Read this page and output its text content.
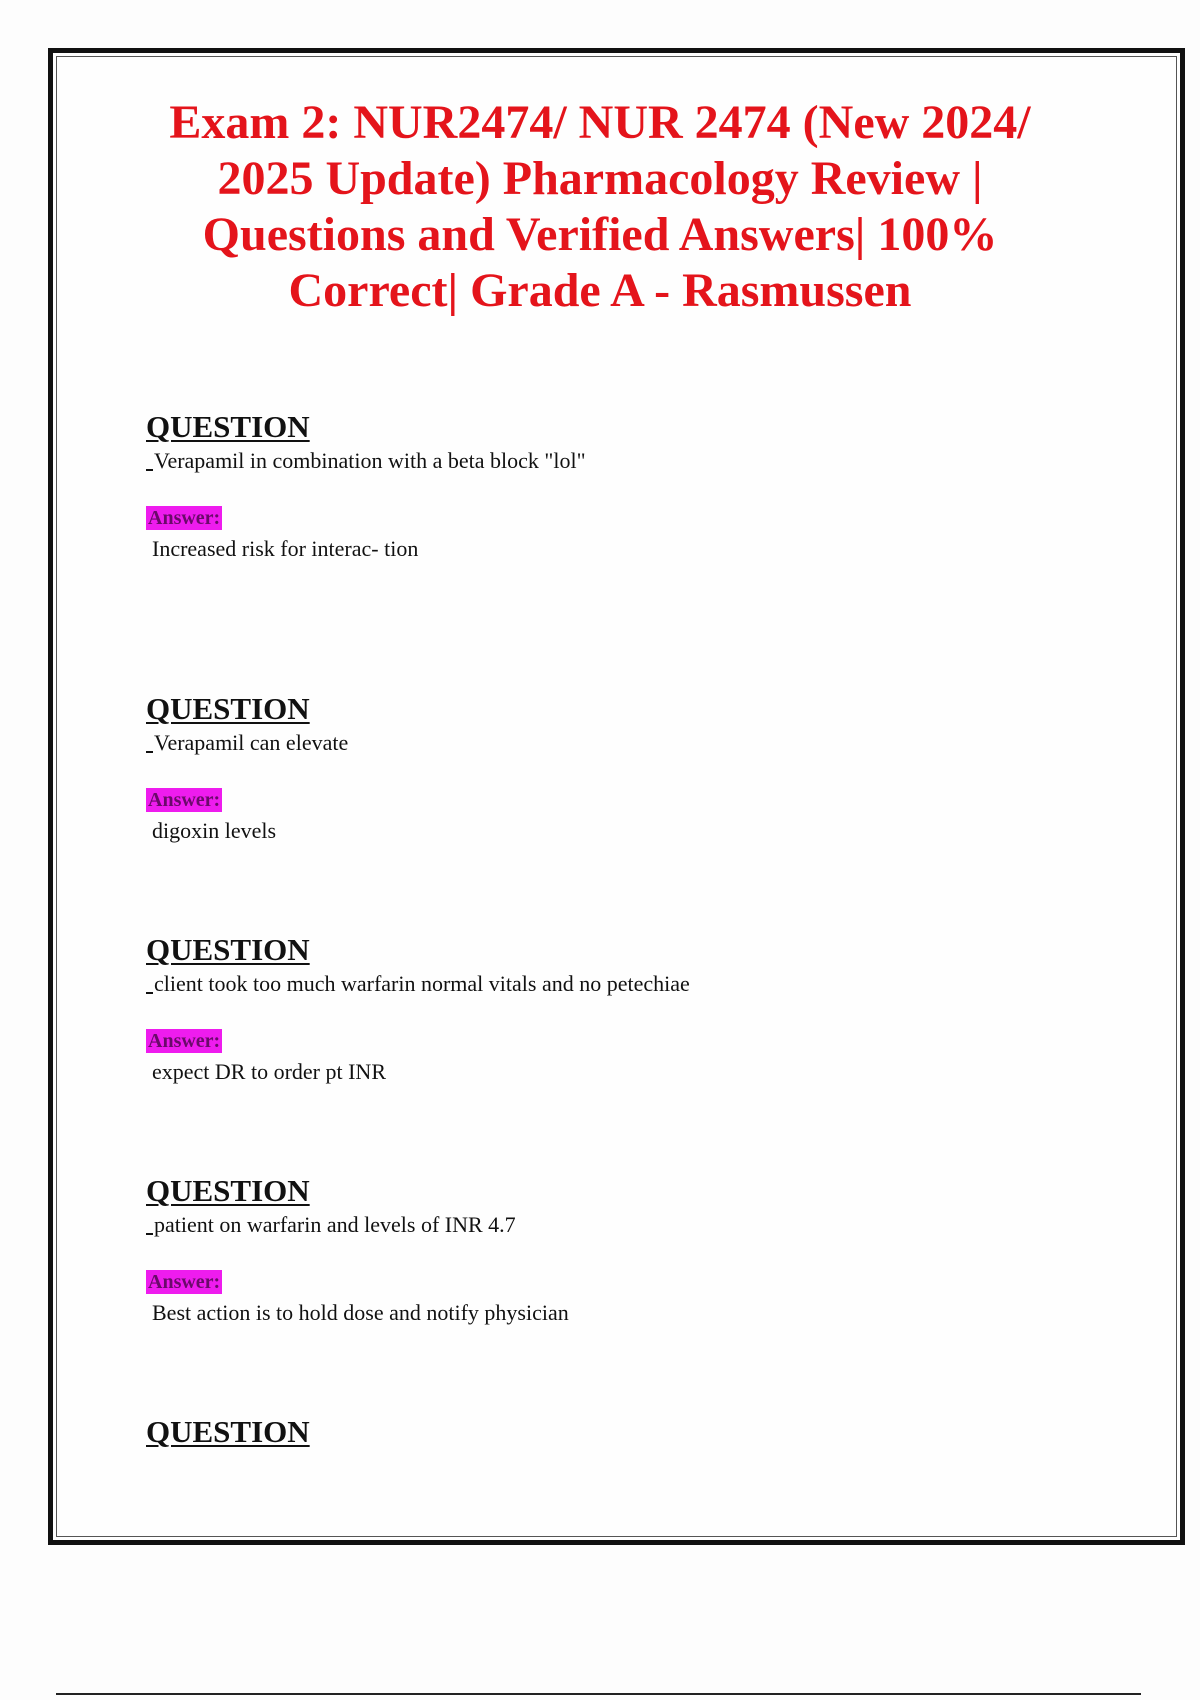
Exam 2: NUR2474/ NUR 2474 (New 2024/ 2025 Update) Pharmacology Review | Questions and Verified Answers| 100% Correct| Grade A - Rasmussen
QUESTION
Verapamil in combination with a beta block "lol"
Answer:
Increased risk for interac- tion
QUESTION
Verapamil can elevate
Answer:
digoxin levels
QUESTION
client took too much warfarin normal vitals and no petechiae
Answer:
expect DR to order pt INR
QUESTION
patient on warfarin and levels of INR 4.7
Answer:
Best action is to hold dose and notify physician
QUESTION
